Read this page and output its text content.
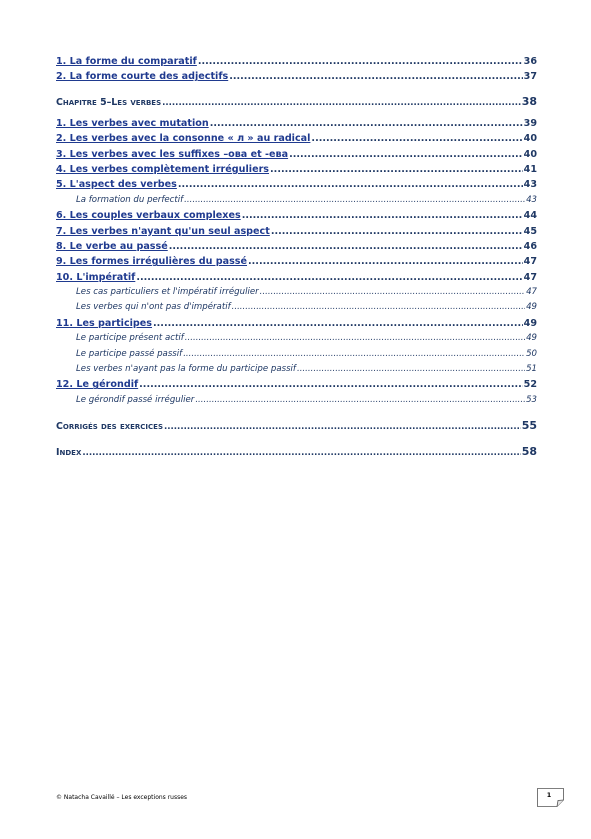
1. La forme du comparatif .....	36
2. La forme courte des adjectifs .....	37
Chapitre 5–Les verbes .....	38
1. Les verbes avec mutation .....	39
2. Les verbes avec la consonne « л » au radical .....	40
3. Les verbes avec les suffixes –ова et -ева .....	40
4. Les verbes complètement irréguliers .....	41
5. L'aspect des verbes .....	43
La formation du perfectif .....	43
6. Les couples verbaux complexes .....	44
7. Les verbes n'ayant qu'un seul aspect .....	45
8. Le verbe au passé .....	46
9. Les formes irrégulières du passé .....	47
10. L'impératif .....	47
Les cas particuliers et l'impératif irrégulier .....	47
Les verbes qui n'ont pas d'impératif .....	49
11. Les participes .....	49
Le participe présent actif .....	49
Le participe passé passif .....	50
Les verbes n'ayant pas la forme du participe passif .....	51
12. Le gérondif .....	52
Le gérondif passé irrégulier .....	53
Corrigés des exercices .....	55
Index .....	58
© Natacha Cavaillé – Les exceptions russes	1
